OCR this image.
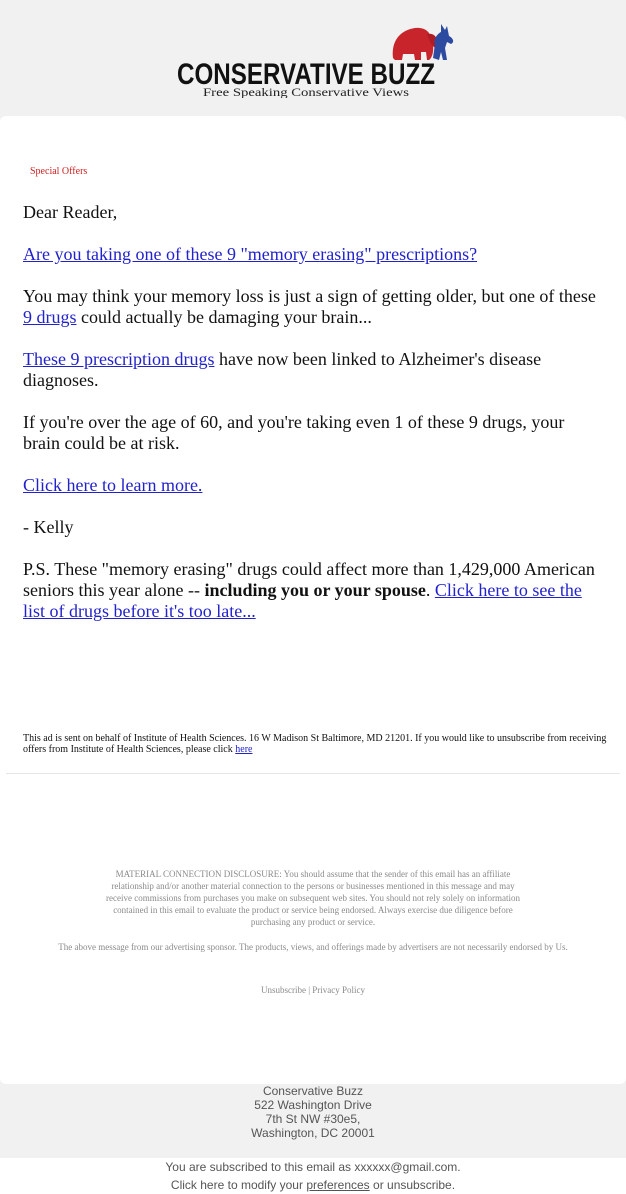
CONSERVATIVE BUZZ
Free Speaking Conservative Views
Special Offers

Dear Reader,

Are you taking one of these 9 "memory erasing" prescriptions?

You may think your memory loss is just a sign of getting older, but one of these
9 drugs could actually be damaging your brain...

These 9 prescription drugs have now been linked to Alzheimer's disease diagnoses.

If you're over the age of 60, and you're taking even 1 of these 9 drugs, your brain could be at risk.

Click here to learn more.

- Kelly

P.S. These "memory erasing" drugs could affect more than 1,429,000 American seniors this year alone -- including you or your spouse. Click here to see the list of drugs before it's too late...

This ad is sent on behalf of Institute of Health Sciences. 16 W Madison St Baltimore, MD 21201. If you would like to unsubscribe from receiving offers from Institute of Health Sciences, please click here
MATERIAL CONNECTION DISCLOSURE: You should assume that the sender of this email has an affiliate relationship and/or another material connection to the persons or businesses mentioned in this message and may receive commissions from purchases you make on subsequent web sites. You should not rely solely on information contained in this email to evaluate the product or service being endorsed. Always exercise due diligence before purchasing any product or service.
The above message from our advertising sponsor. The products, views, and offerings made by advertisers are not necessarily endorsed by Us.
Unsubscribe | Privacy Policy
Conservative Buzz
522 Washington Drive
7th St NW #30e5,
Washington, DC 20001
You are subscribed to this email as xxxxxx@gmail.com.
Click here to modify your preferences or unsubscribe.
